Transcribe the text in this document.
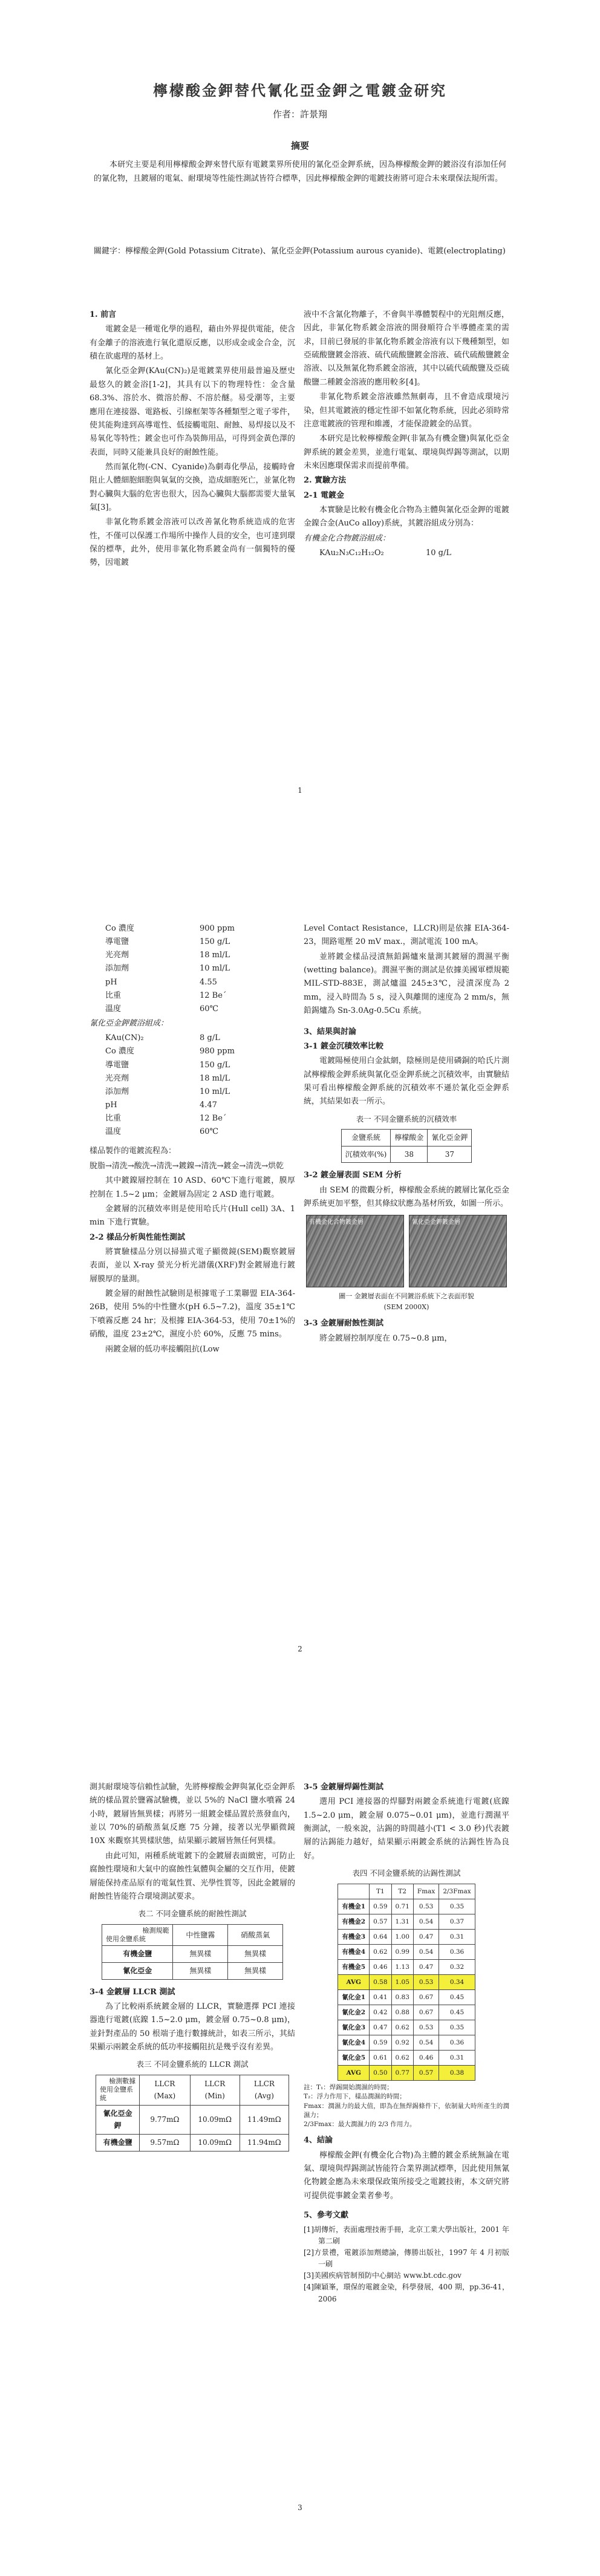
檸檬酸金鉀替代氰化亞金鉀之電鍍金研究
作者：許景翔
摘要
本研究主要是利用檸檬酸金鉀來替代原有電鍍業界所使用的氰化亞金鉀系統，因為檸檬酸金鉀的鍍浴沒有添加任何的氰化物，且鍍層的電氣、耐環境等性能性測試皆符合標準，因此檸檬酸金鉀的電鍍技術將可迎合未來環保法規所需。
關鍵字：檸檬酸金鉀(Gold Potassium Citrate)、氰化亞金鉀(Potassium aurous cyanide)、電鍍(electroplating)

1. 前言

電鍍金是一種電化學的過程，藉由外界提供電能，使含有金離子的溶液進行氧化還原反應，以形成金或金合金，沉積在欲處理的基材上。

氰化亞金鉀(KAu(CN)₂)是電鍍業界使用最普遍及歷史最悠久的鍍金浴[1-2]，其具有以下的物理特性：金含量 68.3%、溶於水、微溶於醇、不溶於醚。易受潮等，主要應用在連接器、電路板、引線框架等各種類型之電子零件，使其能夠達到高導電性、低接觸電阻、耐蝕、易焊接以及不易氧化等特性；鍍金也可作為裝飾用品，可得到金黃色澤的表面，同時又能兼具良好的耐蝕性能。

然而氰化物(-CN、Cyanide)為劇毒化學品，接觸時會阻止人體細胞細胞與氧氣的交換，造成細胞死亡，並氰化物對心臟與大腦的危害也很大，因為心臟與大腦都需要大量氧氣[3]。

非氰化物系鍍金溶液可以改善氰化物系統造成的危害性，不僅可以保護工作場所中操作人員的安全，也可達到環保的標準，此外，使用非氰化物系鍍金尚有一個獨特的優勢，因電鍍

液中不含氰化物離子，不會與半導體製程中的光阻劑反應，因此，非氰化物系鍍金溶液的開發順符合半導體產業的需求，目前已發展的非氰化物系鍍金溶液有以下幾種類型，如亞硫酸鹽鍍金溶液、硫代硫酸鹽鍍金溶液、硫代硫酸鹽鍍金溶液、以及無氰化物系鍍金溶液，其中以硫代硫酸鹽及亞硫酸鹽二種鍍金溶液的應用較多[4]。

非氰化物系鍍金溶液雖然無劇毒，且不會造成環境污染，但其電鍍液的穩定性卻不如氰化物系統，因此必須時常注意電鍍液的管理和維護，才能保證鍍金的品質。

本研究是比較檸檬酸金鉀(非氰為有機金鹽)與氰化亞金鉀系統的鍍金差異，並進行電氣、環境與焊錫等測試，以期未來因應環保需求而提前準備。

2. 實驗方法

2-1 電鍍金

本實驗是比較有機金化合物為主體與氰化亞金鉀的電鍍金鎳合金(AuCo alloy)系統，其鍍浴組成分別為：

有機金化合物鍍浴組成：

KAu₂N₃C₁₂H₁₂O₂	10 g/L
1
Co 濃度	900 ppm
導電鹽	150 g/L
光亮劑	18 ml/L
添加劑	10 ml/L
pH	4.55
比重	12 Be´
溫度	60℃

氰化亞金鉀鍍浴組成：

KAu(CN)₂	8 g/L
Co 濃度	980 ppm
導電鹽	150 g/L
光亮劑	18 ml/L
添加劑	10 ml/L
pH	4.47
比重	12 Be´
溫度	60℃

樣品製作的電鍍流程為：

脫脂→清洗→酸洗→清洗→鍍鎳→清洗→鍍金→清洗→烘乾

其中鍍鎳層控制在 10 ASD、60℃下進行電鍍，膜厚控制在 1.5~2 μm；金鍍層為固定 2 ASD 進行電鍍。

金鍍層的沉積效率則是使用哈氏片(Hull cell) 3A、1 min 下進行實驗。

2-2 樣品分析與性能性測試

將實驗樣品分別以掃描式電子顯微鏡(SEM)觀察鍍層表面，並以 X-ray 螢光分析光譜儀(XRF)對金鍍層進行鍍層膜厚的量測。

鍍金層的耐蝕性試驗則是根據電子工業聯盟 EIA-364-26B，使用 5%的中性鹽水(pH 6.5~7.2)，溫度 35±1℃下噴霧反應 24 hr；及根據 EIA-364-53，使用 70±1%的硝酸，溫度 23±2℃，濕度小於 60%，反應 75 mins。

兩鍍金層的低功率接觸阻抗(Low

Level Contact Resistance，LLCR)則是依據 EIA-364-23，開路電壓 20 mV max.，測試電流 100 mA。

並將鍍金樣品浸漬無鉛錫爐來量測其鍍層的潤濕平衡(wetting balance)。潤濕平衡的測試是依據美國軍標規範 MIL-STD-883E，測試爐溫 245±3℃，浸漬深度為 2 mm，浸入時間為 5 s，浸入與離開的速度為 2 mm/s，無鉛錫爐為 Sn-3.0Ag-0.5Cu 系統。

3、結果與討論

3-1 鍍金沉積效率比較

電鍍陽極使用白金鈦網，陰極則是使用磷銅的哈氏片測試檸檬酸金鉀系統與氰化亞金鉀系統之沉積效率，由實驗結果可看出檸檬酸金鉀系統的沉積效率不遜於氰化亞金鉀系統，其結果如表一所示。

表一 不同金鹽系統的沉積效率
金鹽系統	檸檬酸金	氰化亞金鉀
沉積效率(%)	38	37

3-2 鍍金層表面 SEM 分析

由 SEM 的微觀分析，檸檬酸金系統的鍍層比氰化亞金鉀系統更加平整，但其條紋狀應為基材所致，如圖一所示。

有機金化合物鍍金層	氰化亞金鉀鍍金層
圖一 金鍍層表面在不同鍍浴系統下之表面形貌
(SEM 2000X)

3-3 金鍍層耐蝕性測試

將金鍍層控制厚度在 0.75~0.8 μm，

2

測其耐環境等信賴性試驗，先將檸檬酸金鉀與氰化亞金鉀系統的樣品置於鹽霧試驗機，並以 5%的 NaCl 鹽水噴霧 24 小時，鍍層皆無異樣；再將另一組鍍金樣品置於蒸發血內，並以 70%的硝酸蒸氣反應 75 分鐘，接著以光學顯微鏡 10X 來觀察其異樣狀態，結果顯示鍍層皆無任何異樣。

由此可知，兩種系統電鍍下的金鍍層表面緻密，可防止腐蝕性環境和大氣中的腐蝕性氣體與金屬的交互作用，使鍍層能保持產品原有的電氣性質、光學性質等，因此金鍍層的耐蝕性皆能符合環境測試要求。

表二 不同金鹽系統的耐蝕性測試
檢測規範
使用金鹽系統	中性鹽霧	硝酸蒸氣
有機金鹽	無異樣	無異樣
氰化亞金	無異樣	無異樣

3-4 金鍍層 LLCR 測試

為了比較兩系統鍍金層的 LLCR，實驗選擇 PCI 連接器進行電鍍(底鎳 1.5~2.0 μm，鍍金層 0.75~0.8 μm)，並針對產品的 50 根端子進行數據統計，如表三所示，其結果顯示兩鍍金系統的低功率接觸阻抗是幾乎沒有差異。

表三 不同金鹽系統的 LLCR 測試
檢測數據
使用金鹽系統	LLCR (Max)	LLCR (Min)	LLCR (Avg)
氰化亞金鉀	9.77mΩ	10.09mΩ	11.49mΩ
有機金鹽	9.57mΩ	10.09mΩ	11.94mΩ

3-5 金鍍層焊錫性測試

選用 PCI 連接器的焊腳對兩鍍金系統進行電鍍(底鎳 1.5~2.0 μm，鍍金層 0.075~0.01 μm)，並進行潤濕平衡測試，一般來說，沾錫的時間越小(T1 < 3.0 秒)代表鍍層的沾錫能力越好，結果顯示兩鍍金系統的沾錫性皆為良好。

表四 不同金鹽系統的沾錫性測試
	T1	T2	Fmax	2/3Fmax
有機金1	0.59	0.71	0.53	0.35
有機金2	0.57	1.31	0.54	0.37
有機金3	0.64	1.00	0.47	0.31
有機金4	0.62	0.99	0.54	0.36
有機金5	0.46	1.13	0.47	0.32
AVG	0.58	1.05	0.53	0.34
氰化金1	0.41	0.83	0.67	0.45
氰化金2	0.42	0.88	0.67	0.45
氰化金3	0.47	0.62	0.53	0.35
氰化金4	0.59	0.92	0.54	0.36
氰化金5	0.61	0.62	0.46	0.31
AVG	0.50	0.77	0.57	0.38
註：T₁：焊錫開始潤濕的時間；
T₂：浮力作用下，樣品潤濕的時間；
Fmax：潤濕力的最大值，即為在無焊錫條件下，依制量大時所產生的潤濕力；
2/3Fmax：最大潤濕力的 2/3 作用力。

4、結論

檸檬酸金鉀(有機金化合物)為主體的鍍金系統無論在電氣、環境與焊錫測試皆能符合業界測試標準，因此使用無氰化物鍍金應為未來環保政策所接受之電鍍技術，本文研究將可提供從事鍍金業者參考。

5、參考文獻

[1]胡傳炘，表面處理技術手冊，北京工業大學出版社，2001 年第二刷
[2]方景禮，電鍍添加劑總論，傳勝出版社，1997 年 4 月初版一刷
[3]美國疾病管制預防中心網站 www.bt.cdc.gov
[4]陳穎峯，環保的電鍍金染，科學發展，400 期，pp.36-41，2006
3
